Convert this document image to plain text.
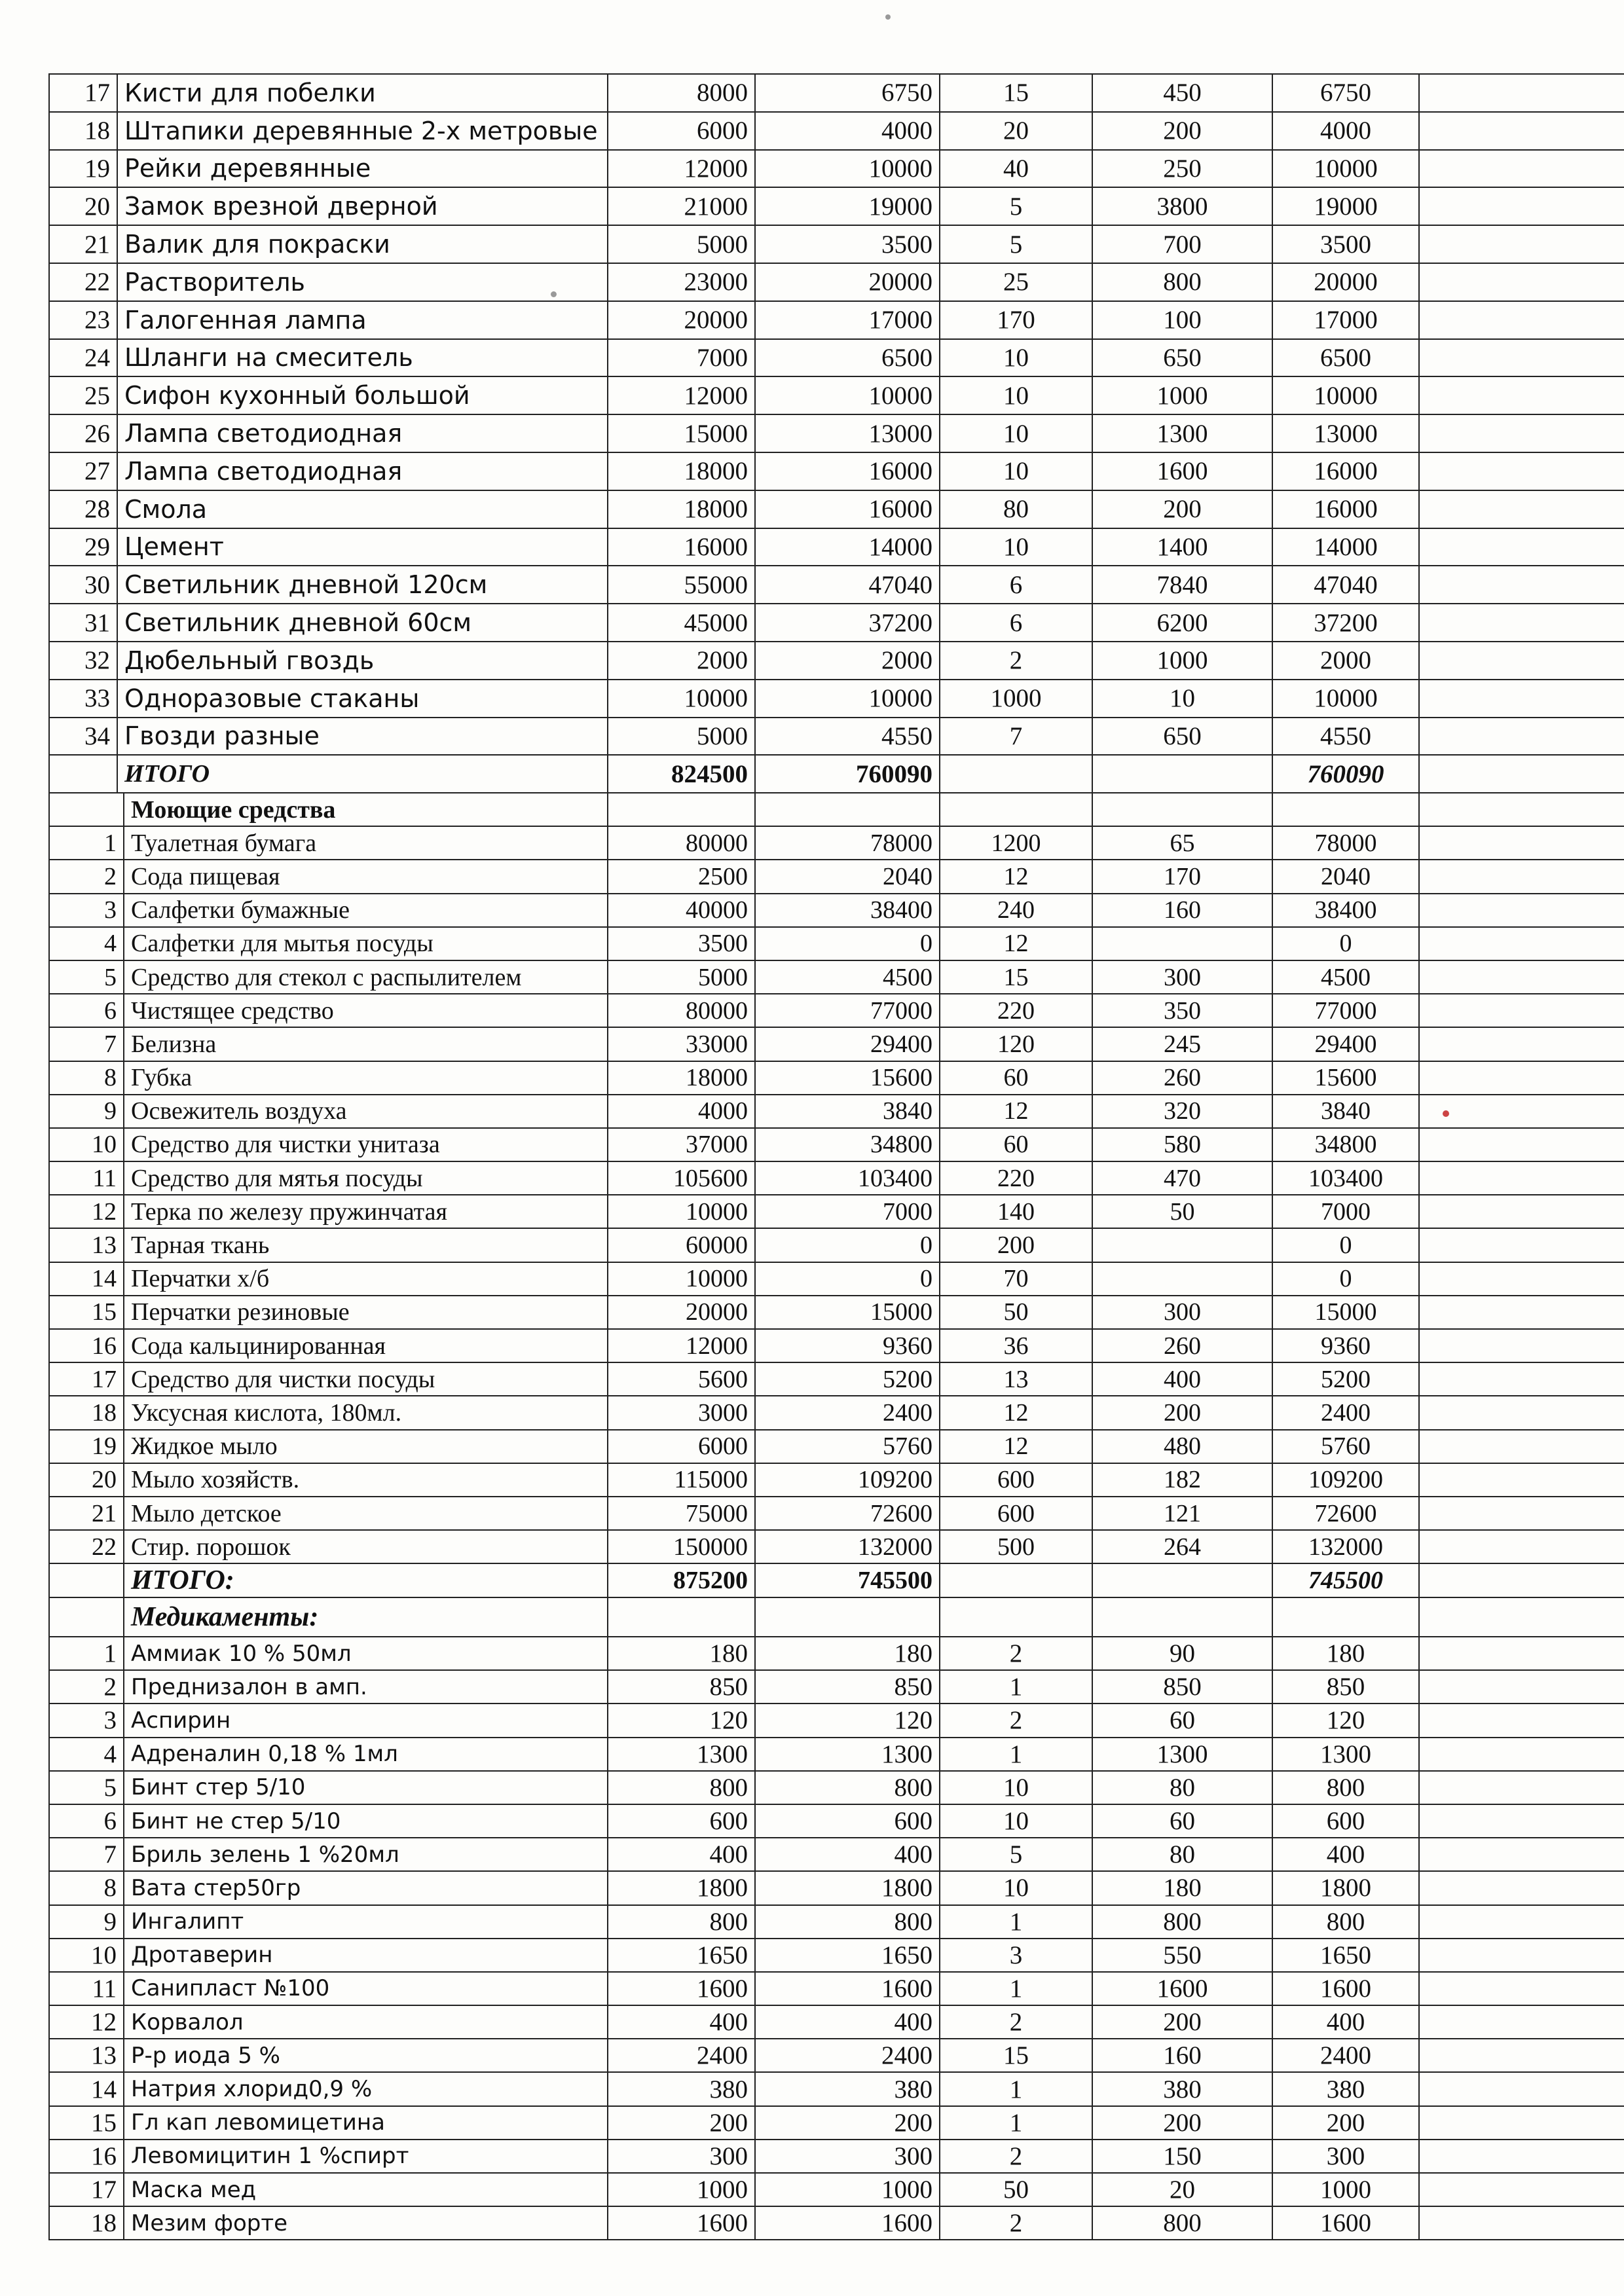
17	Кисти для побелки	8000	6750	15	450	6750	
18	Штапики деревянные 2-х метровые	6000	4000	20	200	4000	
19	Рейки деревянные	12000	10000	40	250	10000	
20	Замок врезной дверной	21000	19000	5	3800	19000	
21	Валик для покраски	5000	3500	5	700	3500	
22	Растворитель	23000	20000	25	800	20000	
23	Галогенная лампа	20000	17000	170	100	17000	
24	Шланги на смеситель	7000	6500	10	650	6500	
25	Сифон кухонный большой	12000	10000	10	1000	10000	
26	Лампа светодиодная	15000	13000	10	1300	13000	
27	Лампа светодиодная	18000	16000	10	1600	16000	
28	Смола	18000	16000	80	200	16000	
29	Цемент	16000	14000	10	1400	14000	
30	Светильник дневной 120см	55000	47040	6	7840	47040	
31	Светильник дневной 60см	45000	37200	6	6200	37200	
32	Дюбельный гвоздь	2000	2000	2	1000	2000	
33	Одноразовые стаканы	10000	10000	1000	10	10000	
34	Гвозди разные	5000	4550	7	650	4550	
	ИТОГО	824500	760090			760090	
	Моющие средства						
1	Туалетная бумага	80000	78000	1200	65	78000	
2	Сода пищевая	2500	2040	12	170	2040	
3	Салфетки бумажные	40000	38400	240	160	38400	
4	Салфетки для мытья посуды	3500	0	12		0	
5	Средство для стекол с распылителем	5000	4500	15	300	4500	
6	Чистящее средство	80000	77000	220	350	77000	
7	Белизна	33000	29400	120	245	29400	
8	Губка	18000	15600	60	260	15600	
9	Освежитель воздуха	4000	3840	12	320	3840	
10	Средство для чистки унитаза	37000	34800	60	580	34800	
11	Средство для мятья посуды	105600	103400	220	470	103400	
12	Терка по железу пружинчатая	10000	7000	140	50	7000	
13	Тарная ткань	60000	0	200		0	
14	Перчатки х/б	10000	0	70		0	
15	Перчатки резиновые	20000	15000	50	300	15000	
16	Сода кальцинированная	12000	9360	36	260	9360	
17	Средство для чистки посуды	5600	5200	13	400	5200	
18	Уксусная кислота, 180мл.	3000	2400	12	200	2400	
19	Жидкое мыло	6000	5760	12	480	5760	
20	Мыло хозяйств.	115000	109200	600	182	109200	
21	Мыло детское	75000	72600	600	121	72600	
22	Стир. порошок	150000	132000	500	264	132000	
	ИТОГО:	875200	745500			745500	
	Медикаменты:						
1	Аммиак 10 % 50мл	180	180	2	90	180	
2	Преднизалон в амп.	850	850	1	850	850	
3	Аспирин	120	120	2	60	120	
4	Адреналин 0,18 % 1мл	1300	1300	1	1300	1300	
5	Бинт стер 5/10	800	800	10	80	800	
6	Бинт не стер 5/10	600	600	10	60	600	
7	Бриль зелень 1 %20мл	400	400	5	80	400	
8	Вата стер50гр	1800	1800	10	180	1800	
9	Ингалипт	800	800	1	800	800	
10	Дротаверин	1650	1650	3	550	1650	
11	Санипласт №100	1600	1600	1	1600	1600	
12	Корвалол	400	400	2	200	400	
13	Р-р иода 5 %	2400	2400	15	160	2400	
14	Натрия хлорид0,9 %	380	380	1	380	380	
15	Гл кап левомицетина	200	200	1	200	200	
16	Левомицитин 1 %спирт	300	300	2	150	300	
17	Маска мед	1000	1000	50	20	1000	
18	Мезим форте	1600	1600	2	800	1600	
